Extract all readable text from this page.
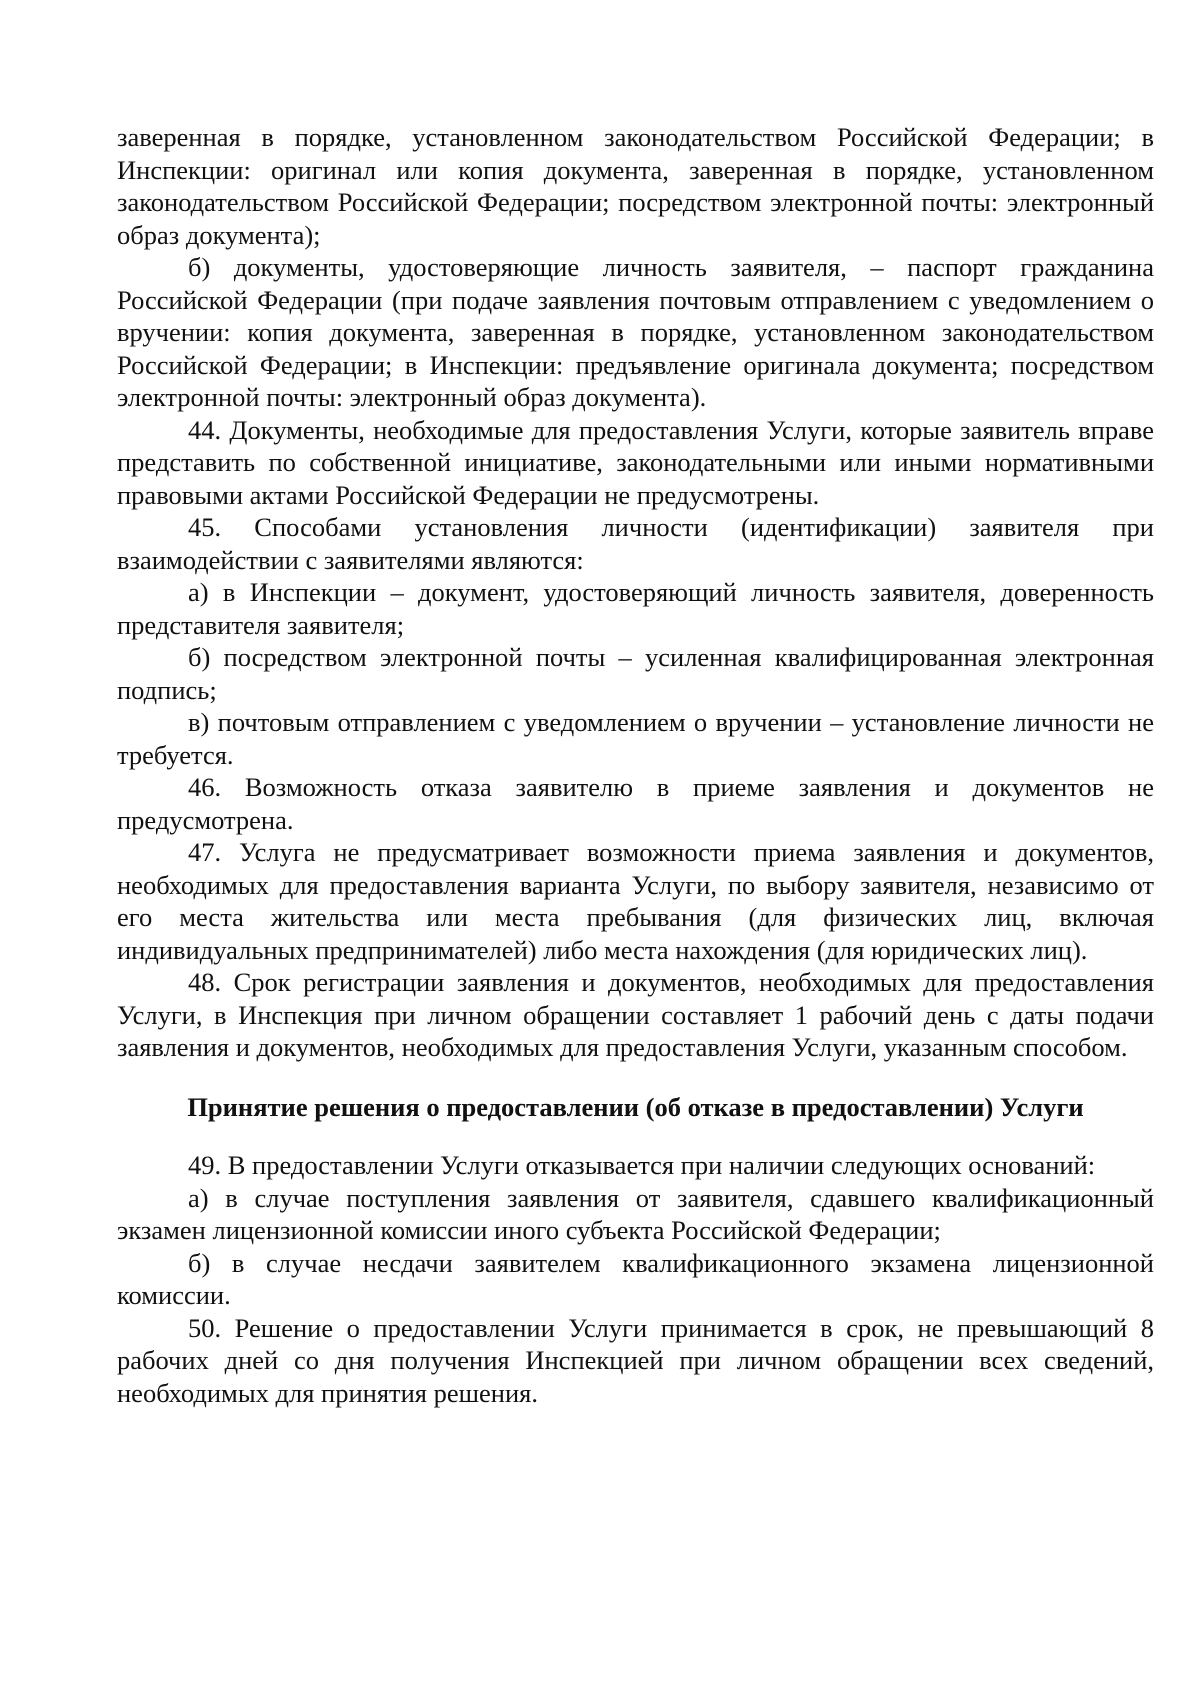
заверенная в порядке, установленном законодательством Российской Федерации; в Инспекции: оригинал или копия документа, заверенная в порядке, установленном законодательством Российской Федерации; посредством электронной почты: электронный образ документа);

б) документы, удостоверяющие личность заявителя, – паспорт гражданина Российской Федерации (при подаче заявления почтовым отправлением с уведомлением о вручении: копия документа, заверенная в порядке, установленном законодательством Российской Федерации; в Инспекции: предъявление оригинала документа; посредством электронной почты: электронный образ документа).

44. Документы, необходимые для предоставления Услуги, которые заявитель вправе представить по собственной инициативе, законодательными или иными нормативными правовыми актами Российской Федерации не предусмотрены.

45. Способами установления личности (идентификации) заявителя при взаимодействии с заявителями являются:

а) в Инспекции – документ, удостоверяющий личность заявителя, доверенность представителя заявителя;

б) посредством электронной почты – усиленная квалифицированная электронная подпись;

в) почтовым отправлением с уведомлением о вручении – установление личности не требуется.

46. Возможность отказа заявителю в приеме заявления и документов не предусмотрена.

47. Услуга не предусматривает возможности приема заявления и документов, необходимых для предоставления варианта Услуги, по выбору заявителя, независимо от его места жительства или места пребывания (для физических лиц, включая индивидуальных предпринимателей) либо места нахождения (для юридических лиц).

48. Срок регистрации заявления и документов, необходимых для предоставления Услуги, в Инспекция при личном обращении составляет 1 рабочий день с даты подачи заявления и документов, необходимых для предоставления Услуги, указанным способом.

Принятие решения о предоставлении (об отказе в предоставлении) Услуги

49. В предоставлении Услуги отказывается при наличии следующих оснований:

а) в случае поступления заявления от заявителя, сдавшего квалификационный экзамен лицензионной комиссии иного субъекта Российской Федерации;

б) в случае несдачи заявителем квалификационного экзамена лицензионной комиссии.

50. Решение о предоставлении Услуги принимается в срок, не превышающий 8 рабочих дней со дня получения Инспекцией при личном обращении всех сведений, необходимых для принятия решения.
